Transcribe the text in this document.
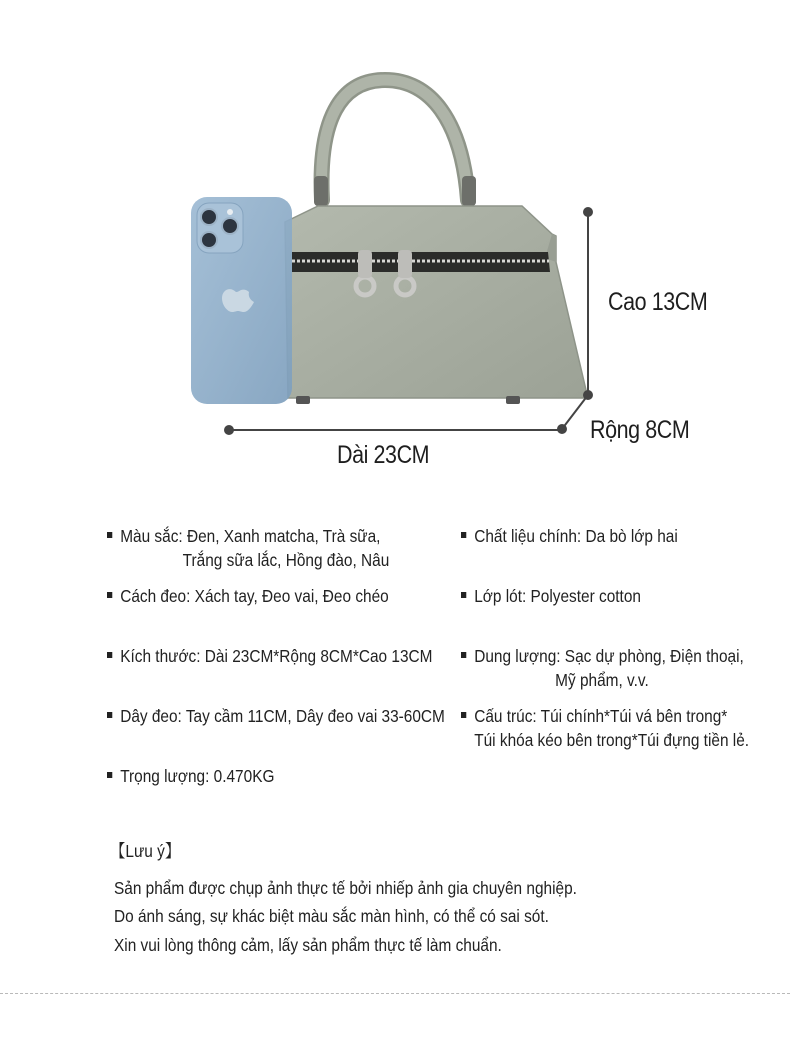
Cao 13CM
Rộng 8CM
Dài 23CM
Màu sắc: Đen, Xanh matcha, Trà sữa,
Trắng sữa lắc, Hồng đào, Nâu
Cách đeo: Xách tay, Đeo vai, Đeo chéo
Kích thước: Dài 23CM*Rộng 8CM*Cao 13CM
Dây đeo: Tay cầm 11CM, Dây đeo vai 33-60CM
Trọng lượng: 0.470KG
Chất liệu chính: Da bò lớp hai
Lớp lót: Polyester cotton
Dung lượng: Sạc dự phòng, Điện thoại,
Mỹ phẩm, v.v.
Cấu trúc: Túi chính*Túi vá bên trong*
Túi khóa kéo bên trong*Túi đựng tiền lẻ.
【Lưu ý】
Sản phẩm được chụp ảnh thực tế bởi nhiếp ảnh gia chuyên nghiệp.
Do ánh sáng, sự khác biệt màu sắc màn hình, có thể có sai sót.
Xin vui lòng thông cảm, lấy sản phẩm thực tế làm chuẩn.
